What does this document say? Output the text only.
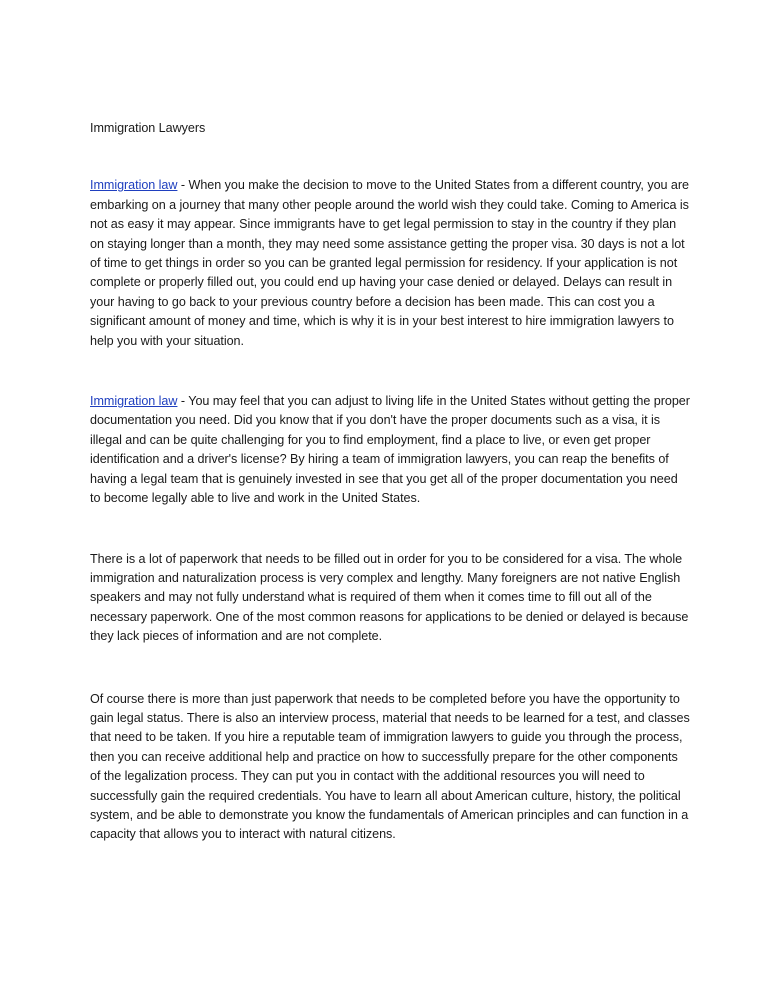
Immigration Lawyers

Immigration law - When you make the decision to move to the United States from a different country, you are embarking on a journey that many other people around the world wish they could take. Coming to America is not as easy it may appear. Since immigrants have to get legal permission to stay in the country if they plan on staying longer than a month, they may need some assistance getting the proper visa. 30 days is not a lot of time to get things in order so you can be granted legal permission for residency. If your application is not complete or properly filled out, you could end up having your case denied or delayed. Delays can result in your having to go back to your previous country before a decision has been made. This can cost you a significant amount of money and time, which is why it is in your best interest to hire immigration lawyers to help you with your situation.

Immigration law - You may feel that you can adjust to living life in the United States without getting the proper documentation you need. Did you know that if you don't have the proper documents such as a visa, it is illegal and can be quite challenging for you to find employment, find a place to live, or even get proper identification and a driver's license? By hiring a team of immigration lawyers, you can reap the benefits of having a legal team that is genuinely invested in see that you get all of the proper documentation you need to become legally able to live and work in the United States.

There is a lot of paperwork that needs to be filled out in order for you to be considered for a visa. The whole immigration and naturalization process is very complex and lengthy. Many foreigners are not native English speakers and may not fully understand what is required of them when it comes time to fill out all of the necessary paperwork. One of the most common reasons for applications to be denied or delayed is because they lack pieces of information and are not complete.

Of course there is more than just paperwork that needs to be completed before you have the opportunity to gain legal status. There is also an interview process, material that needs to be learned for a test, and classes that need to be taken. If you hire a reputable team of immigration lawyers to guide you through the process, then you can receive additional help and practice on how to successfully prepare for the other components of the legalization process. They can put you in contact with the additional resources you will need to successfully gain the required credentials. You have to learn all about American culture, history, the political system, and be able to demonstrate you know the fundamentals of American principles and can function in a capacity that allows you to interact with natural citizens.
